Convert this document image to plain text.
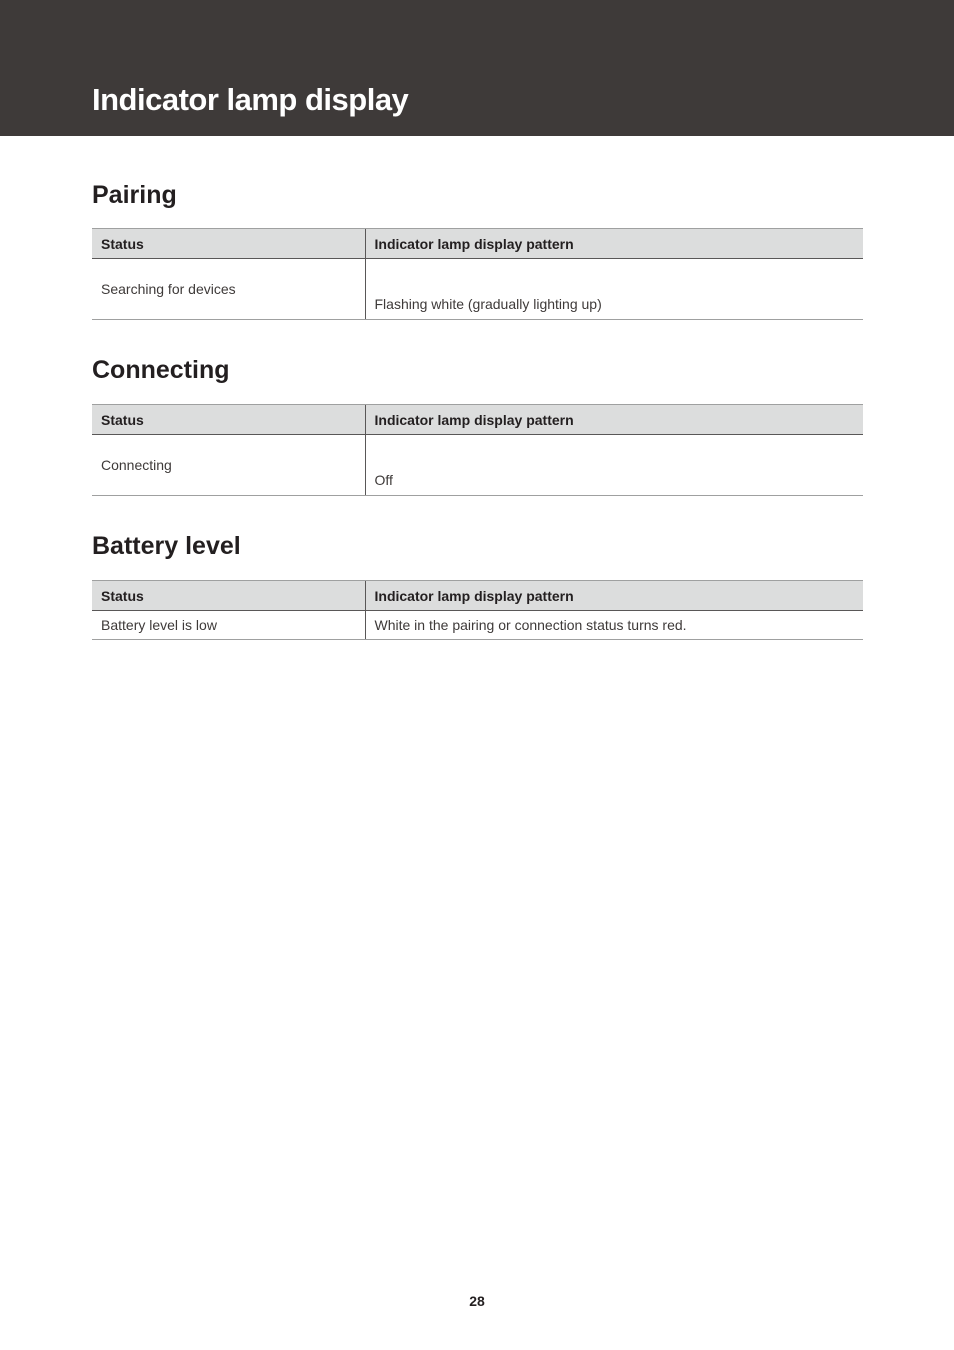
Indicator lamp display
Pairing
Status	Indicator lamp display pattern
Searching for devices	Flashing white (gradually lighting up)
Connecting
Status	Indicator lamp display pattern
Connecting	Off
Battery level
Status	Indicator lamp display pattern
Battery level is low	White in the pairing or connection status turns red.
28
